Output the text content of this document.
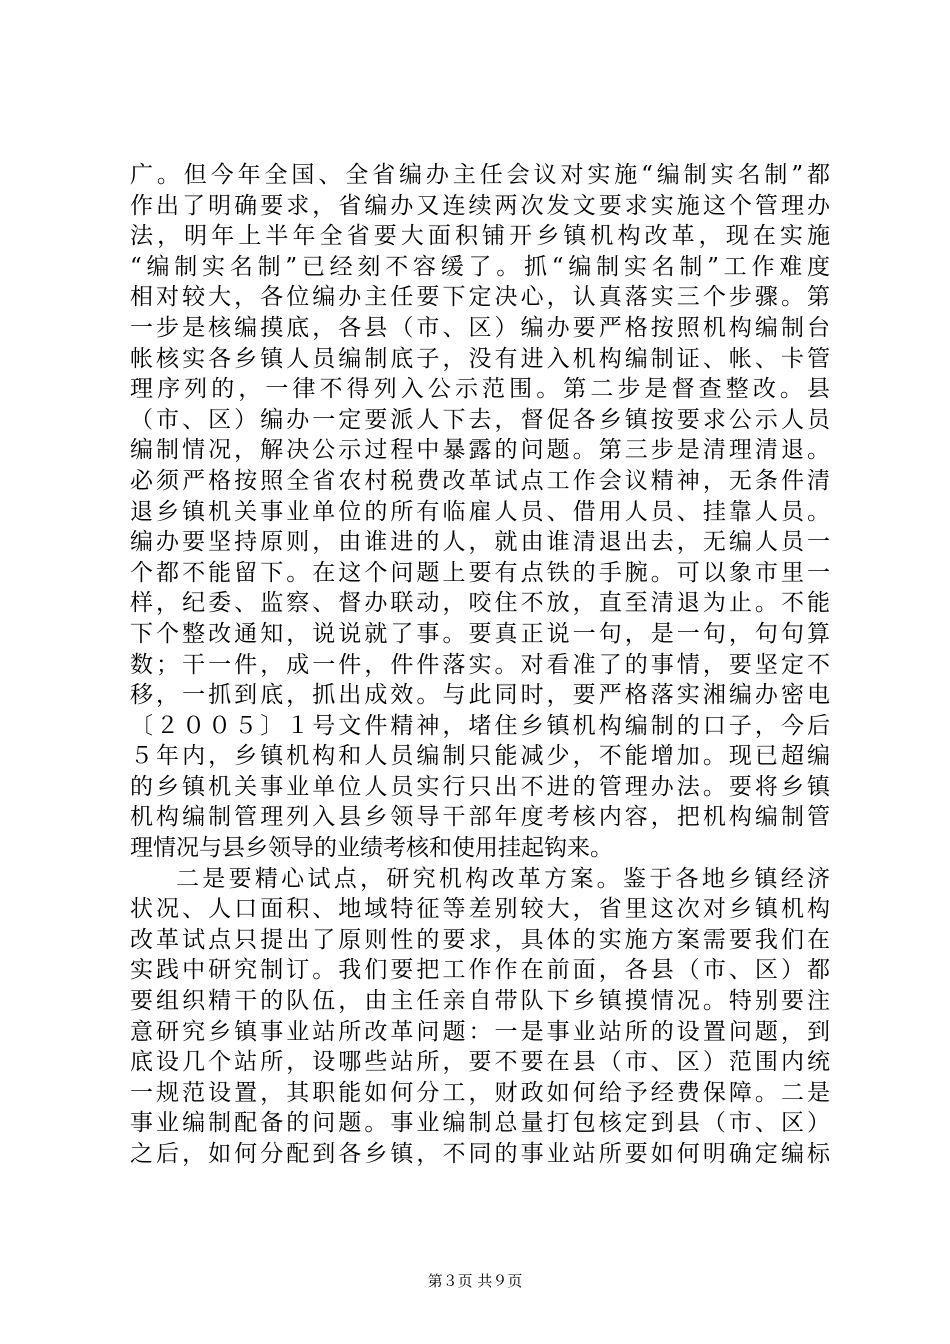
广。但今年全国、全省编办主任会议对实施“编制实名制”都
作出了明确要求，省编办又连续两次发文要求实施这个管理办
法，明年上半年全省要大面积铺开乡镇机构改革，现在实施
“编制实名制”已经刻不容缓了。抓“编制实名制”工作难度
相对较大，各位编办主任要下定决心，认真落实三个步骤。第
一步是核编摸底，各县（市、区）编办要严格按照机构编制台
帐核实各乡镇人员编制底子，没有进入机构编制证、帐、卡管
理序列的，一律不得列入公示范围。第二步是督查整改。县
（市、区）编办一定要派人下去，督促各乡镇按要求公示人员
编制情况，解决公示过程中暴露的问题。第三步是清理清退。
必须严格按照全省农村税费改革试点工作会议精神，无条件清
退乡镇机关事业单位的所有临雇人员、借用人员、挂靠人员。
编办要坚持原则，由谁进的人，就由谁清退出去，无编人员一
个都不能留下。在这个问题上要有点铁的手腕。可以象市里一
样，纪委、监察、督办联动，咬住不放，直至清退为止。不能
下个整改通知，说说就了事。要真正说一句，是一句，句句算
数；干一件，成一件，件件落实。对看准了的事情，要坚定不
移，一抓到底，抓出成效。与此同时，要严格落实湘编办密电
〔２００５〕１号文件精神，堵住乡镇机构编制的口子，今后
５年内，乡镇机构和人员编制只能减少，不能增加。现已超编
的乡镇机关事业单位人员实行只出不进的管理办法。要将乡镇
机构编制管理列入县乡领导干部年度考核内容，把机构编制管
理情况与县乡领导的业绩考核和使用挂起钩来。
二是要精心试点，研究机构改革方案。鉴于各地乡镇经济
状况、人口面积、地域特征等差别较大，省里这次对乡镇机构
改革试点只提出了原则性的要求，具体的实施方案需要我们在
实践中研究制订。我们要把工作作在前面，各县（市、区）都
要组织精干的队伍，由主任亲自带队下乡镇摸情况。特别要注
意研究乡镇事业站所改革问题：一是事业站所的设置问题，到
底设几个站所，设哪些站所，要不要在县（市、区）范围内统
一规范设置，其职能如何分工，财政如何给予经费保障。二是
事业编制配备的问题。事业编制总量打包核定到县（市、区）
之后，如何分配到各乡镇，不同的事业站所要如何明确定编标
第３页 共９页
